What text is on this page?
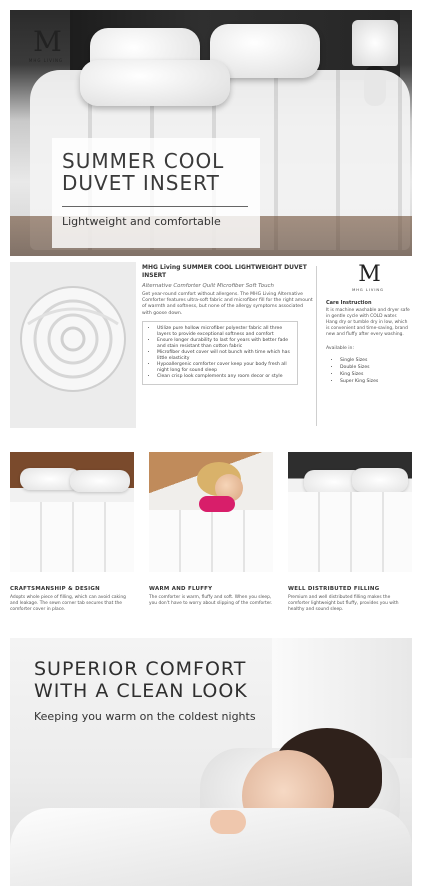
M
MHG LIVING
SUMMER COOL
DUVET INSERT
Lightweight and comfortable
MHG Living SUMMER COOL LIGHTWEIGHT DUVET INSERT
Alternative Comforter Quilt Microfiber Soft Touch
Get year-round comfort without allergens. The MHG Living Alternative Comforter features ultra-soft fabric and microfiber fill for the right amount of warmth and softness, but none of the allergy symptoms associated with goose down.
• Utilize pure hollow microfiber polyester fabric all three layers to provide exceptional softness and comfort
• Ensure longer durability to last for years with better fade and stain resistant than cotton fabric
• Microfiber duvet cover will not bunch with time which has little elasticity
• Hypoallergenic comforter cover keep your body fresh all night long for sound sleep
• Clean crisp look complements any room decor or style
M
MHG LIVING
Care Instruction
It is machine washable and dryer safe in gentle cycle with COLD water. Hang dry or tumble dry in low, which is convenient and time-saving, brand new and fluffy after every washing.
Available in:
• Single Sizes
• Double Sizes
• King Sizes
• Super King Sizes
CRAFTSMANSHIP & DESIGN
Adopts whole piece of filling, which can avoid caking and leakage. The sewn corner tab secures that the comforter cover in place.
WARM AND FLUFFY
The comforter is warm, fluffy and soft. When you sleep, you don't have to worry about slipping of the comforter.
WELL DISTRIBUTED FILLING
Premium and well distributed filling makes the comforter lightweight but fluffy, provides you with healthy and sound sleep.
SUPERIOR COMFORT
WITH A CLEAN LOOK
Keeping you warm on the coldest nights
